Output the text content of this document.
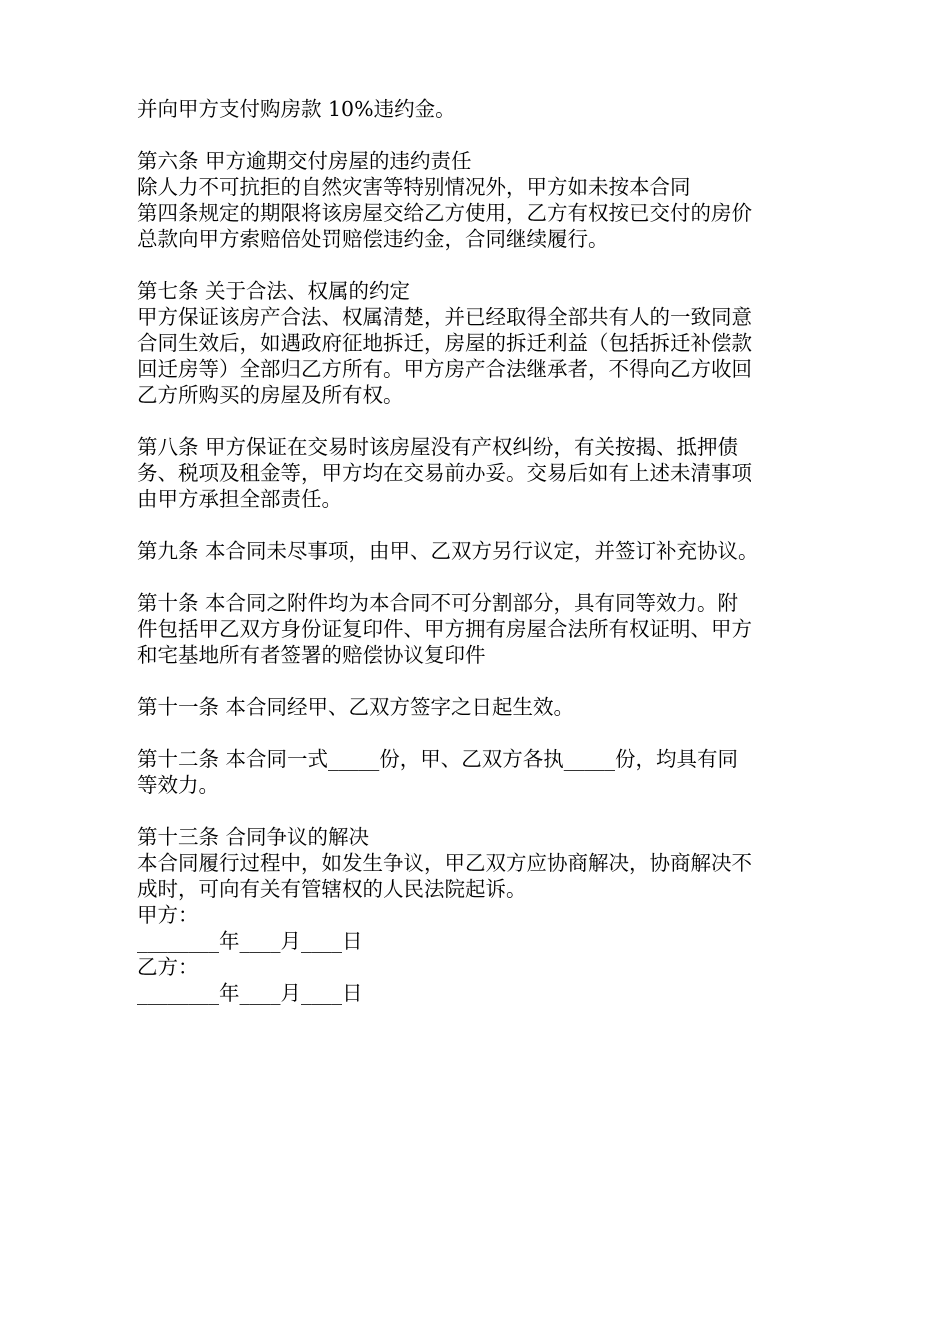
并向甲方支付购房款 10%违约金。
第六条 甲方逾期交付房屋的违约责任
除人力不可抗拒的自然灾害等特别情况外，甲方如未按本合同
第四条规定的期限将该房屋交给乙方使用，乙方有权按已交付的房价
总款向甲方索赔倍处罚赔偿违约金，合同继续履行。
第七条 关于合法、权属的约定
甲方保证该房产合法、权属清楚，并已经取得全部共有人的一致同意
合同生效后，如遇政府征地拆迁，房屋的拆迁利益（包括拆迁补偿款
回迁房等）全部归乙方所有。甲方房产合法继承者，不得向乙方收回
乙方所购买的房屋及所有权。
第八条 甲方保证在交易时该房屋没有产权纠纷，有关按揭、抵押债
务、税项及租金等，甲方均在交易前办妥。交易后如有上述未清事项
由甲方承担全部责任。
第九条 本合同未尽事项，由甲、乙双方另行议定，并签订补充协议。
第十条 本合同之附件均为本合同不可分割部分，具有同等效力。附
件包括甲乙双方身份证复印件、甲方拥有房屋合法所有权证明、甲方
和宅基地所有者签署的赔偿协议复印件
第十一条 本合同经甲、乙双方签字之日起生效。
第十二条 本合同一式_____份，甲、乙双方各执_____份，均具有同
等效力。
第十三条 合同争议的解决
本合同履行过程中，如发生争议，甲乙双方应协商解决，协商解决不
成时，可向有关有管辖权的人民法院起诉。
甲方：
________年____月____日
乙方：
________年____月____日
